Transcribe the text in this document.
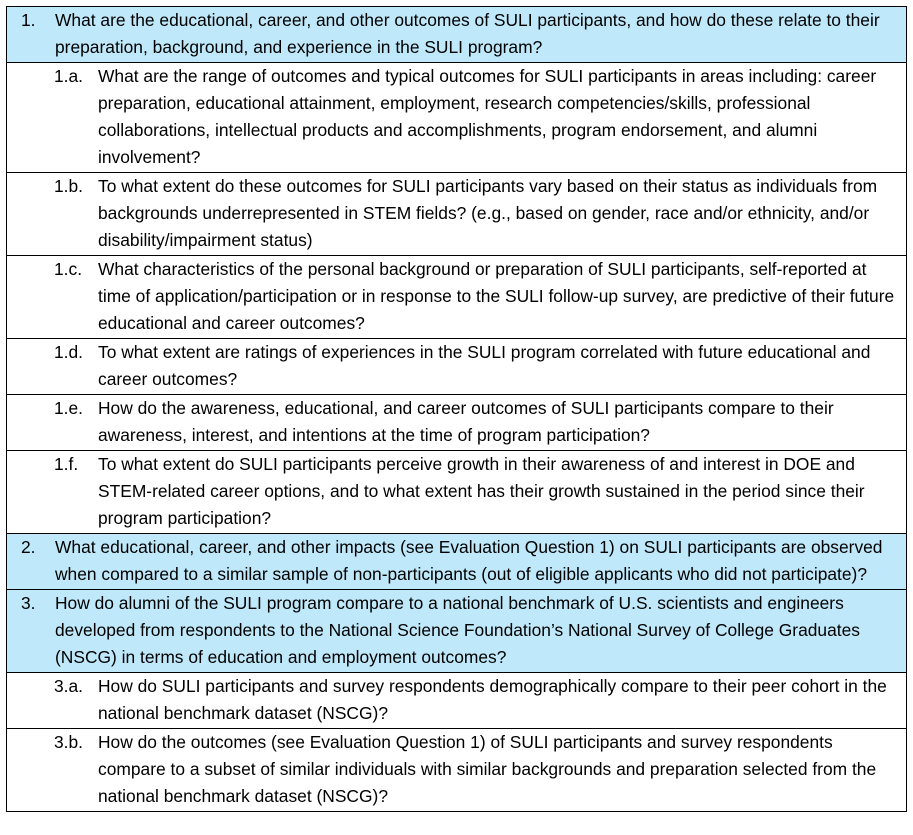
1.	What are the educational, career, and other outcomes of SULI participants, and how do these relate to their preparation, background, and experience in the SULI program?

1.a. What are the range of outcomes and typical outcomes for SULI participants in areas including: career preparation, educational attainment, employment, research competencies/skills, professional collaborations, intellectual products and accomplishments, program endorsement, and alumni involvement?

1.b. To what extent do these outcomes for SULI participants vary based on their status as individuals from backgrounds underrepresented in STEM fields? (e.g., based on gender, race and/or ethnicity, and/or disability/impairment status)

1.c. What characteristics of the personal background or preparation of SULI participants, self-reported at time of application/participation or in response to the SULI follow-up survey, are predictive of their future educational and career outcomes?

1.d. To what extent are ratings of experiences in the SULI program correlated with future educational and career outcomes?

1.e. How do the awareness, educational, and career outcomes of SULI participants compare to their awareness, interest, and intentions at the time of program participation?

1.f.	To what extent do SULI participants perceive growth in their awareness of and interest in DOE and STEM-related career options, and to what extent has their growth sustained in the period since their program participation?

2.	What educational, career, and other impacts (see Evaluation Question 1) on SULI participants are observed when compared to a similar sample of non-participants (out of eligible applicants who did not participate)?

3.	How do alumni of the SULI program compare to a national benchmark of U.S. scientists and engineers developed from respondents to the National Science Foundation’s National Survey of College Graduates (NSCG) in terms of education and employment outcomes?

3.a. How do SULI participants and survey respondents demographically compare to their peer cohort in the national benchmark dataset (NSCG)?

3.b. How do the outcomes (see Evaluation Question 1) of SULI participants and survey respondents compare to a subset of similar individuals with similar backgrounds and preparation selected from the national benchmark dataset (NSCG)?
